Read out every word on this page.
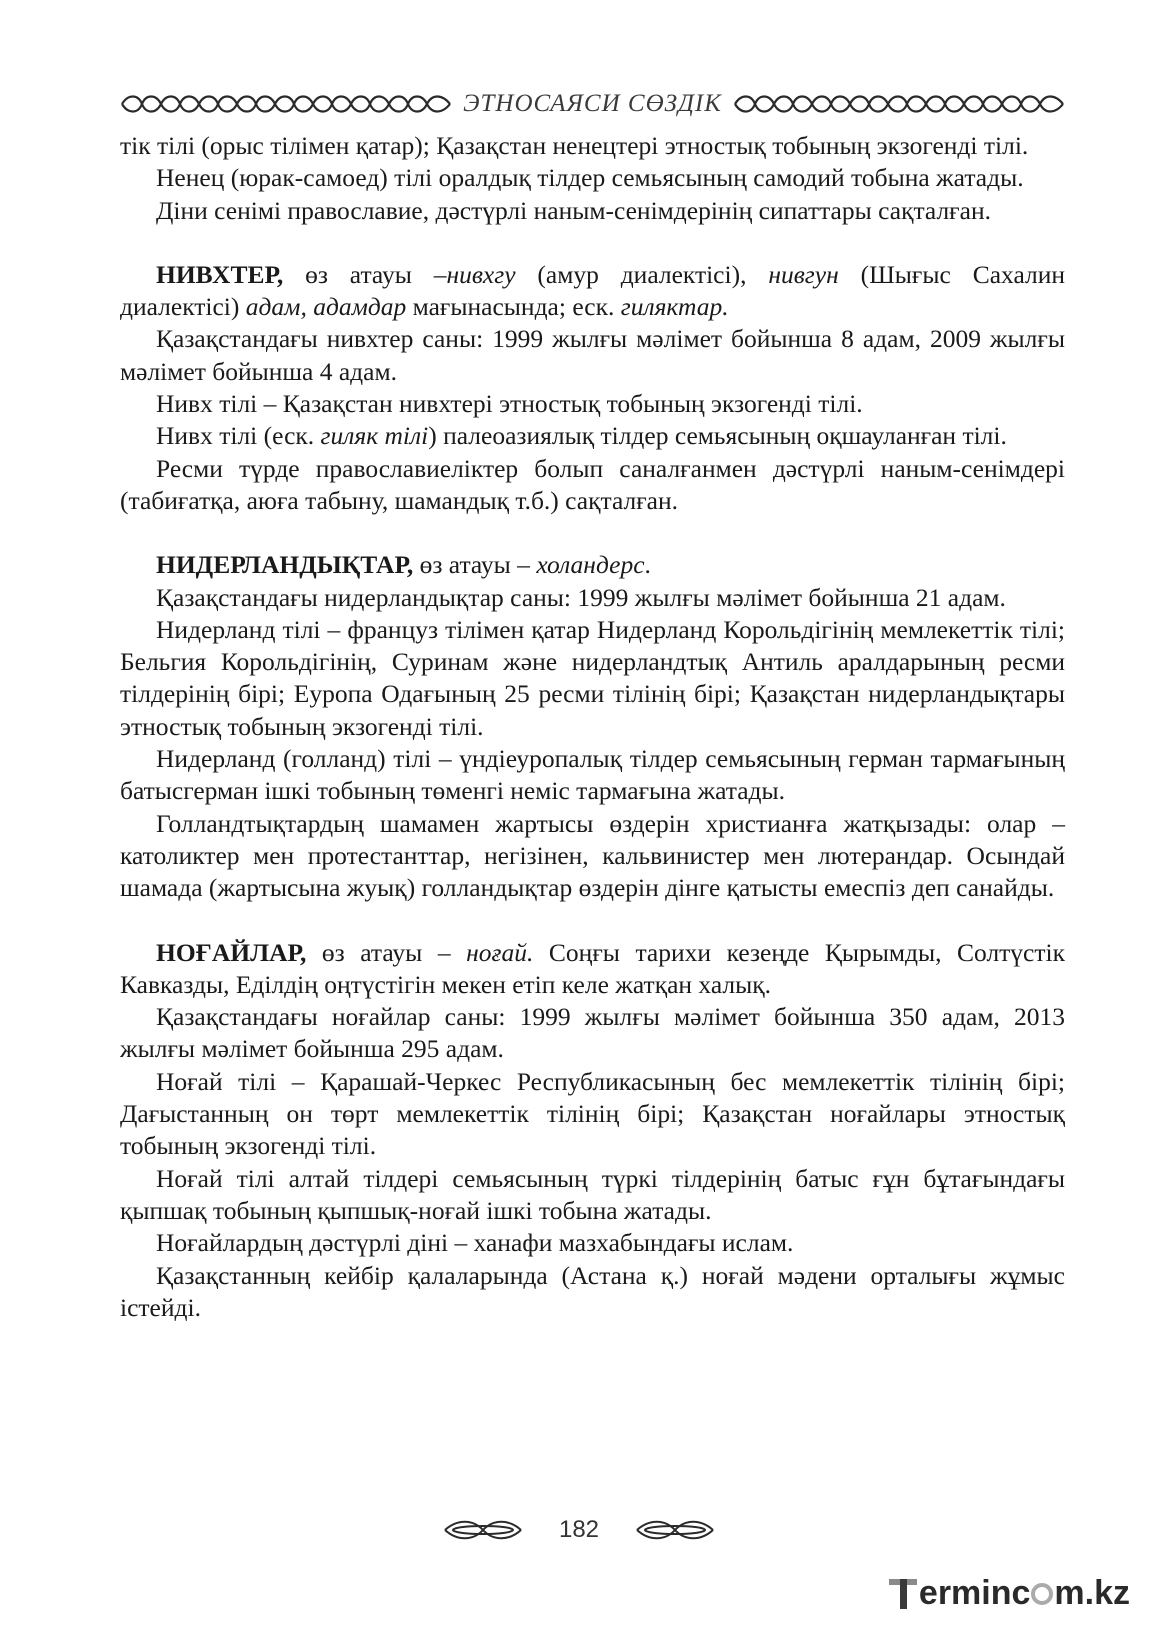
ЭТНОСАЯСИ СӨЗДІК

тік тілі (орыс тілімен қатар); Қазақстан ненецтері этностық тобының экзогенді тілі.

Ненец (юрак-самоед) тілі оралдық тілдер семьясының самодий тобына жатады.

Діни сенімі православие, дәстүрлі наным-сенімдерінің сипаттары сақталған.

НИВХТЕР, өз атауы –нивхгу (амур диалектісі), нивгун (Шығыс Сахалин диалектісі) адам, адамдар мағынасында; еск. гиляктар.

Қазақстандағы нивхтер саны: 1999 жылғы мәлімет бойынша 8 адам, 2009 жылғы мәлімет бойынша 4 адам.

Нивх тілі – Қазақстан нивхтері этностық тобының экзогенді тілі.

Нивх тілі (еск. гиляк тілі) палеоазиялық тілдер семьясының оқшауланған тілі.

Ресми түрде православиеліктер болып саналғанмен дәстүрлі наным-сенімдері (табиғатқа, аюға табыну, шамандық т.б.) сақталған.

НИДЕРЛАНДЫҚТАР, өз атауы – холандерс.

Қазақстандағы нидерландықтар саны: 1999 жылғы мәлімет бойынша 21 адам.

Нидерланд тілі – француз тілімен қатар Нидерланд Корольдігінің мемлекеттік тілі; Бельгия Корольдігінің, Суринам және нидерландтық Антиль аралдарының ресми тілдерінің бірі; Еуропа Одағының 25 ресми тілінің бірі; Қазақстан нидерландықтары этностық тобының экзогенді тілі.

Нидерланд (голланд) тілі – үндіеуропалық тілдер семьясының герман тармағының батысгерман ішкі тобының төменгі неміс тармағына жатады.

Голландтықтардың шамамен жартысы өздерін христианға жатқызады: олар – католиктер мен протестанттар, негізінен, кальвинистер мен лютерандар. Осындай шамада (жартысына жуық) голландықтар өздерін дінге қатысты емеспіз деп санайды.

НОҒАЙЛАР, өз атауы – ноғай. Соңғы тарихи кезеңде Қырымды, Солтүстік Кавказды, Еділдің оңтүстігін мекен етіп келе жатқан халық.

Қазақстандағы ноғайлар саны: 1999 жылғы мәлімет бойынша 350 адам, 2013 жылғы мәлімет бойынша 295 адам.

Ноғай тілі – Қарашай-Черкес Республикасының бес мемлекеттік тілінің бірі; Дағыстанның он төрт мемлекеттік тілінің бірі; Қазақстан ноғайлары этностық тобының экзогенді тілі.

Ноғай тілі алтай тілдері семьясының түркі тілдерінің батыс ғұн бұтағындағы қыпшақ тобының қыпшық-ноғай ішкі тобына жатады.

Ноғайлардың дәстүрлі діні – ханафи мазхабындағы ислам.

Қазақстанның кейбір қалаларында (Астана қ.) ноғай мәдени орталығы жұмыс істейді.

182
erminc m.kz
